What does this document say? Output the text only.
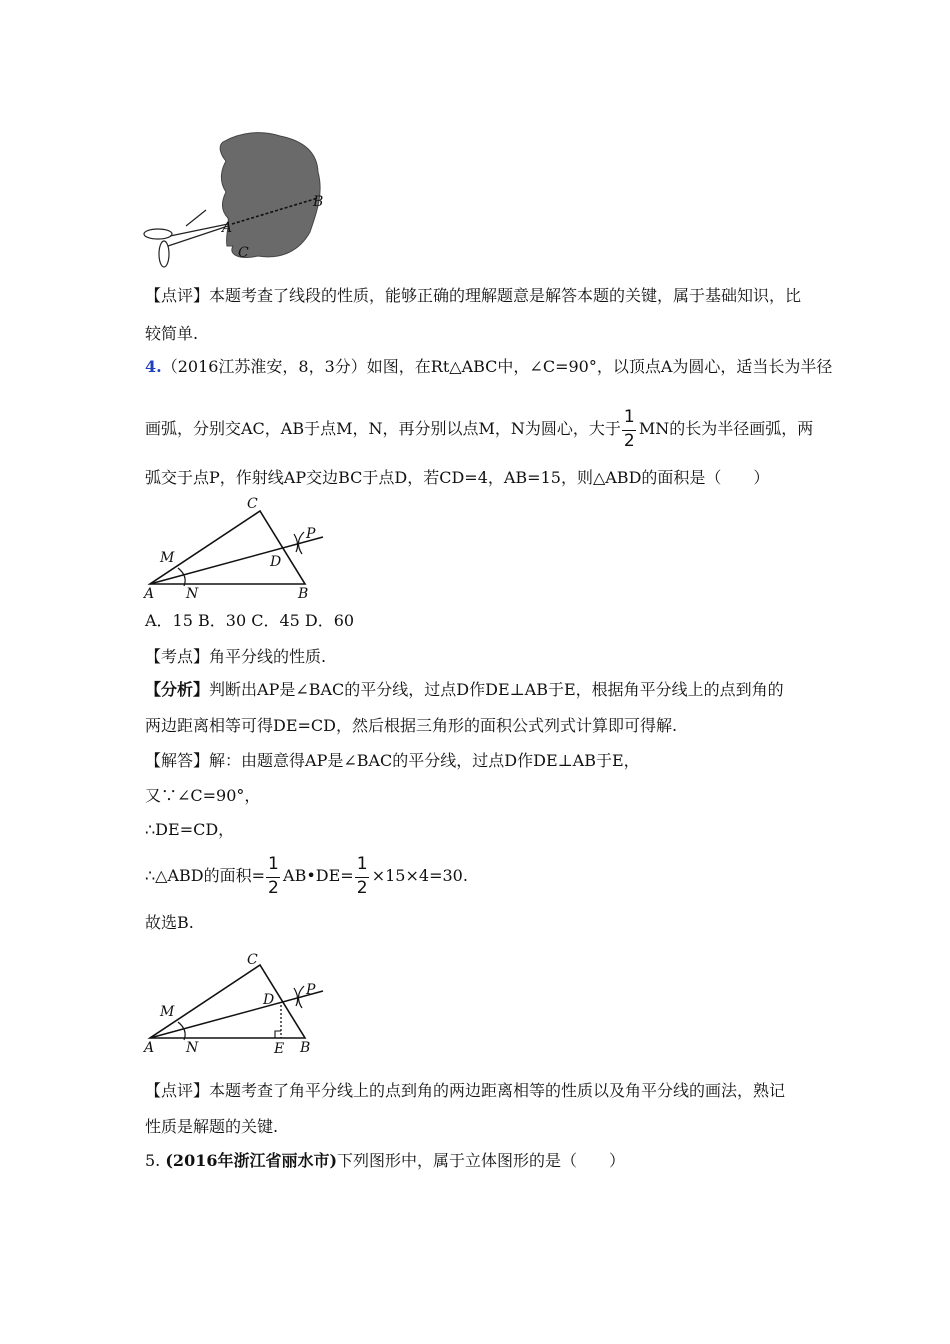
B
A
C
【点评】本题考查了线段的性质，能够正确的理解题意是解答本题的关键，属于基础知识，比
较简单.
4.（2016江苏淮安，8，3分）如图，在Rt△ABC中，∠C=90°，以顶点A为圆心，适当长为半径
画弧，分别交AC，AB于点M，N，再分别以点M，N为圆心，大于 $\frac{1}{2}$ MN的长为半径画弧，两
弧交于点P，作射线AP交边BC于点D，若CD=4，AB=15，则△ABD的面积是（　　）
C
M
P
D
A N	B
A．15 B．30 C．45 D．60
【考点】角平分线的性质.
【分析】判断出AP是∠BAC的平分线，过点D作DE⊥AB于E，根据角平分线上的点到角的
两边距离相等可得DE=CD，然后根据三角形的面积公式列式计算即可得解.
【解答】解：由题意得AP是∠BAC的平分线，过点D作DE⊥AB于E，
又∵∠C=90°，
∴DE=CD，
∴△ABD的面积= $\frac{1}{2}$ AB•DE= $\frac{1}{2} \times 15\times 4=30$.
故选B.
C
M
D
P
A N	E B
【点评】本题考查了角平分线上的点到角的两边距离相等的性质以及角平分线的画法，熟记
性质是解题的关键.
5. (2016年浙江省丽水市)下列图形中，属于立体图形的是（　　）
